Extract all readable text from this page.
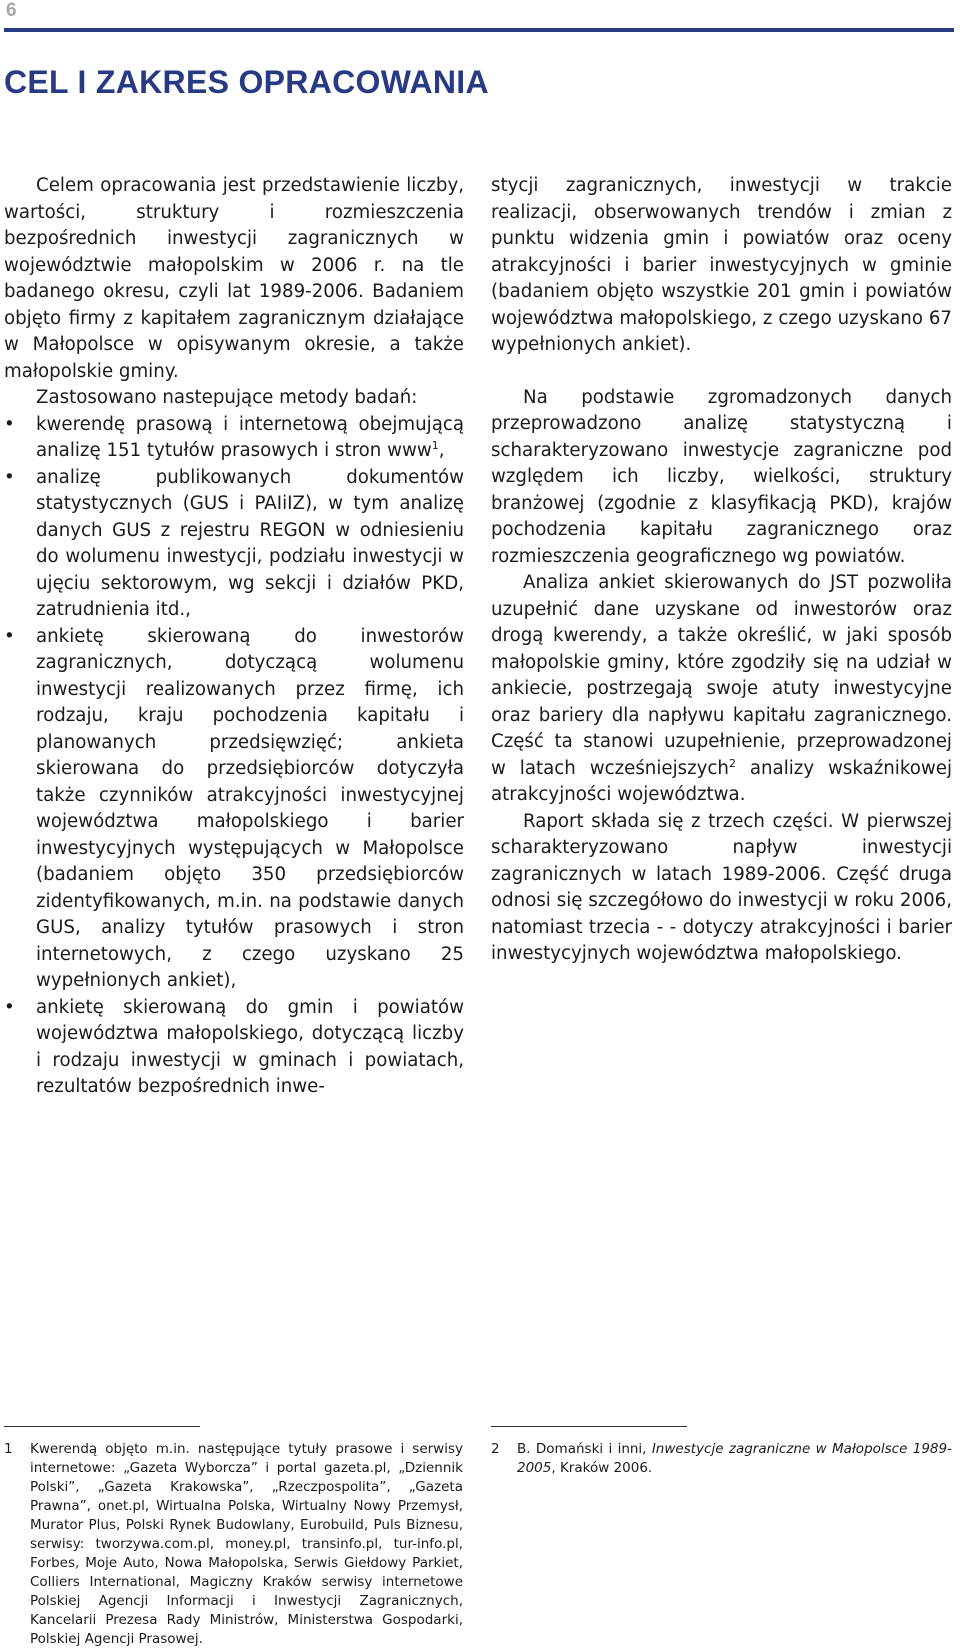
6
CEL I ZAKRES OPRACOWANIA

Celem opracowania jest przedstawienie liczby, wartości, struktury i rozmieszczenia bezpośrednich inwestycji zagranicznych w województwie małopolskim w 2006 r. na tle badanego okresu, czyli lat 1989-2006. Badaniem objęto firmy z kapitałem zagranicznym działające w Małopolsce w opisywanym okresie, a także małopolskie gminy.

Zastosowano nastepujące metody badań:

•	kwerendę prasową i internetową obejmującą analizę 151 tytułów prasowych i stron www$^1$,
•	analizę publikowanych dokumentów statystycznych (GUS i PAIiIZ), w tym analizę danych GUS z rejestru REGON w odniesieniu do wolumenu inwestycji, podziału inwestycji w ujęciu sektorowym, wg sekcji i działów PKD, zatrudnienia itd.,
•	ankietę skierowaną do inwestorów zagranicznych, dotyczącą wolumenu inwestycji realizowanych przez firmę, ich rodzaju, kraju pochodzenia kapitału i planowanych przedsięwzięć; ankieta skierowana do przedsiębiorców dotyczyła także czynników atrakcyjności inwestycyjnej województwa małopolskiego i barier inwestycyjnych występujących w Małopolsce (badaniem objęto 350 przedsiębiorców zidentyfikowanych, m.in. na podstawie danych GUS, analizy tytułów prasowych i stron internetowych, z czego uzyskano 25 wypełnionych ankiet),
•	ankietę skierowaną do gmin i powiatów województwa małopolskiego, dotyczącą liczby i rodzaju inwestycji w gminach i powiatach, rezultatów bezpośrednich inwe-

stycji zagranicznych, inwestycji w trakcie realizacji, obserwowanych trendów i zmian z punktu widzenia gmin i powiatów oraz oceny atrakcyjności i barier inwestycyjnych w gminie (badaniem objęto wszystkie 201 gmin i powiatów województwa małopolskiego, z czego uzyskano 67 wypełnionych ankiet).

Na podstawie zgromadzonych danych przeprowadzono analizę statystyczną i scharakteryzowano inwestycje zagraniczne pod względem ich liczby, wielkości, struktury branżowej (zgodnie z klasyfikacją PKD), krajów pochodzenia kapitału zagranicznego oraz rozmieszczenia geograficznego wg powiatów.

Analiza ankiet skierowanych do JST pozwoliła uzupełnić dane uzyskane od inwestorów oraz drogą kwerendy, a także określić, w jaki sposób małopolskie gminy, które zgodziły się na udział w ankiecie, postrzegają swoje atuty inwestycyjne oraz bariery dla napływu kapitału zagranicznego. Część ta stanowi uzupełnienie, przeprowadzonej w latach wcześniejszych$^2$ analizy wskaźnikowej atrakcyjności województwa.

Raport składa się z trzech części. W pierwszej scharakteryzowano napływ inwestycji zagranicznych w latach 1989-2006. Część druga odnosi się szczegółowo do inwestycji w roku 2006, natomiast trzecia - - dotyczy atrakcyjności i barier inwestycyjnych województwa małopolskiego.

1	Kwerendą objęto m.in. następujące tytuły prasowe i serwisy internetowe: „Gazeta Wyborcza” i portal gazeta.pl, „Dziennik Polski”, „Gazeta Krakowska”, „Rzeczpospolita”, „Gazeta Prawna”, onet.pl, Wirtualna Polska, Wirtualny Nowy Przemysł, Murator Plus, Polski Rynek Budowlany, Eurobuild, Puls Biznesu, serwisy: tworzywa.com.pl, money.pl, transinfo.pl, tur-info.pl, Forbes, Moje Auto, Nowa Małopolska, Serwis Giełdowy Parkiet, Colliers International, Magiczny Kraków serwisy internetowe Polskiej Agencji Informacji i Inwestycji Zagranicznych, Kancelarii Prezesa Rady Ministrów, Ministerstwa Gospodarki, Polskiej Agencji Prasowej.
2	B. Domański i inni, Inwestycje zagraniczne w Małopolsce 1989-2005, Kraków 2006.
